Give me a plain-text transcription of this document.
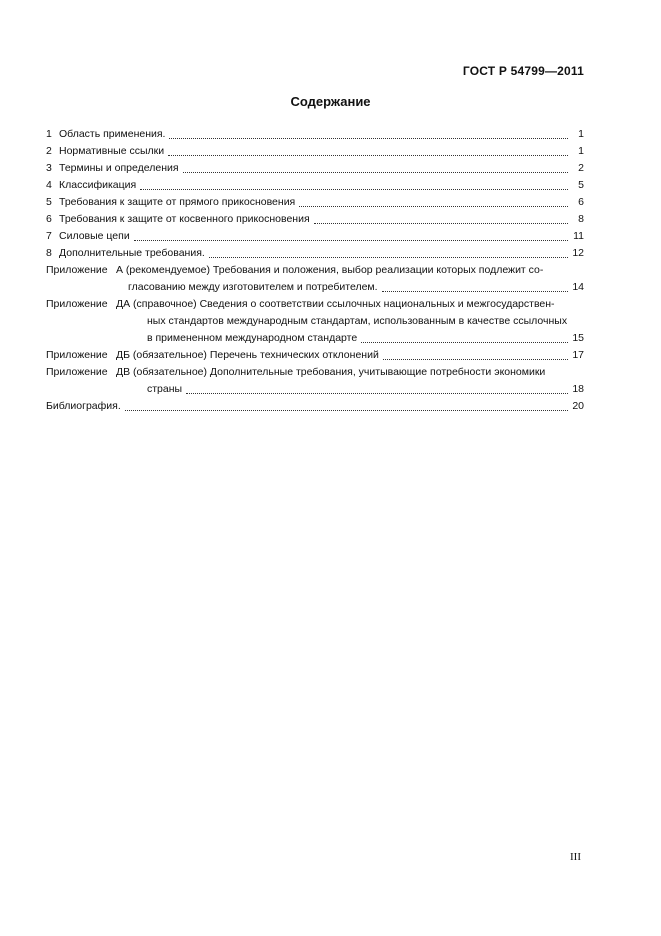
ГОСТ Р 54799—2011
Содержание
1 Область применения.	1
2 Нормативные ссылки	1
3 Термины и определения	2
4 Классификация	5
5 Требования к защите от прямого прикосновения	6
6 Требования к защите от косвенного прикосновения	8
7 Силовые цепи	11
8 Дополнительные требования.	12
Приложение А (рекомендуемое) Требования и положения, выбор реализации которых подлежит со-
гласованию между изготовителем и потребителем.	14
Приложение ДА (справочное) Сведения о соответствии ссылочных национальных и межгосударствен-
ных стандартов международным стандартам, использованным в качестве ссылочных
в примененном международном стандарте	15
Приложение ДБ (обязательное) Перечень технических отклонений	17
Приложение ДВ (обязательное) Дополнительные требования, учитывающие потребности экономики
страны	18
Библиография.	20
III
